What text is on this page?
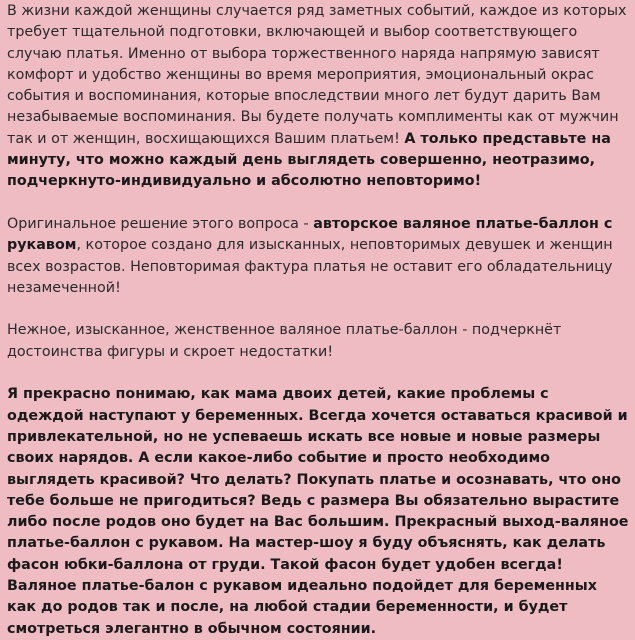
В жизни каждой женщины случается ряд заметных событий, каждое из которых требует тщательной подготовки, включающей и выбор соответствующего случаю платья. Именно от выбора торжественного наряда напрямую зависят комфорт и удобство женщины во время мероприятия, эмоциональный окрас события и воспоминания, которые впоследствии много лет будут дарить Вам незабываемые воспоминания. Вы будете получать комплименты как от мужчин так и от женщин, восхищающихся Вашим платьем! А только представьте на минуту, что можно каждый день выглядеть совершенно, неотразимо, подчеркнуто-индивидуально и абсолютно неповторимо!

Оригинальное решение этого вопроса - авторское валяное платье-баллон с рукавом, которое создано для изысканных, неповторимых девушек и женщин всех возрастов. Неповторимая фактура платья не оставит его обладательницу незамеченной!

Нежное, изысканное, женственное валяное платье-баллон - подчеркнёт достоинства фигуры и скроет недостатки!

Я прекрасно понимаю, как мама двоих детей, какие проблемы с одеждой наступают у беременных. Всегда хочется оставаться красивой и привлекательной, но не успеваешь искать все новые и новые размеры своих нарядов. А если какое-либо событие и просто необходимо выглядеть красивой? Что делать? Покупать платье и осознавать, что оно тебе больше не пригодиться? Ведь с размера Вы обязательно вырастите либо после родов оно будет на Вас большим. Прекрасный выход-валяное платье-баллон с рукавом. На мастер-шоу я буду объяснять, как делать фасон юбки-баллона от груди. Такой фасон будет удобен всегда! Валяное платье-балон с рукавом идеально подойдет для беременных как до родов так и после, на любой стадии беременности, и будет смотреться элегантно в обычном состоянии.
